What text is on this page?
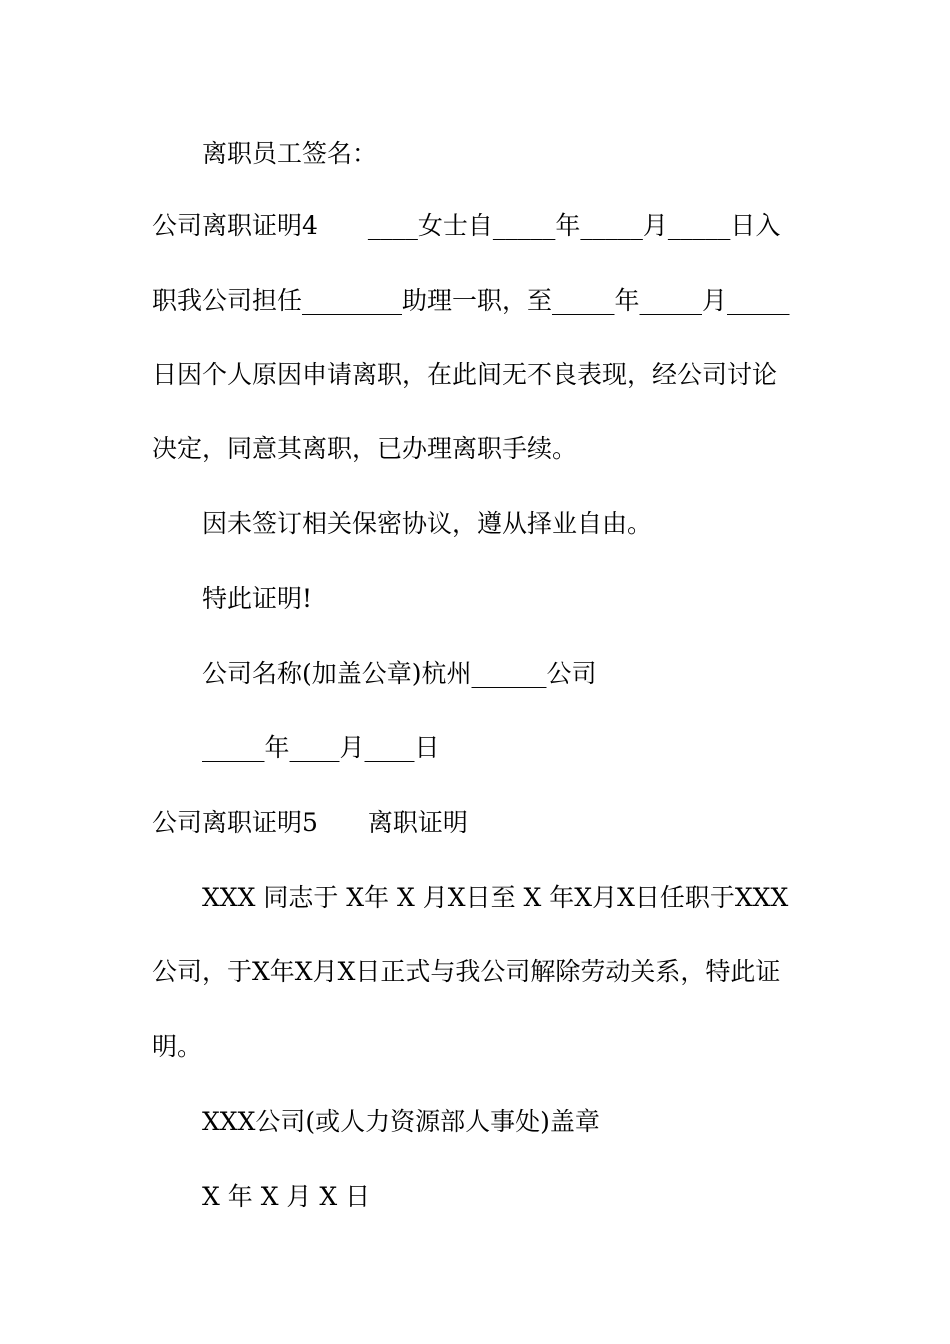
离职员工签名：
公司离职证明4　　____女士自_____年_____月_____日入
职我公司担任________助理一职，至_____年_____月_____
日因个人原因申请离职，在此间无不良表现，经公司讨论
决定，同意其离职，已办理离职手续。
因未签订相关保密协议，遵从择业自由。
特此证明!
公司名称(加盖公章)杭州______公司
_____年____月____日
公司离职证明5　　离职证明
XXX 同志于 X年 X 月X日至 X 年X月X日任职于XXX
公司，于X年X月X日正式与我公司解除劳动关系，特此证
明。
XXX公司(或人力资源部人事处)盖章
X 年 X 月 X 日
